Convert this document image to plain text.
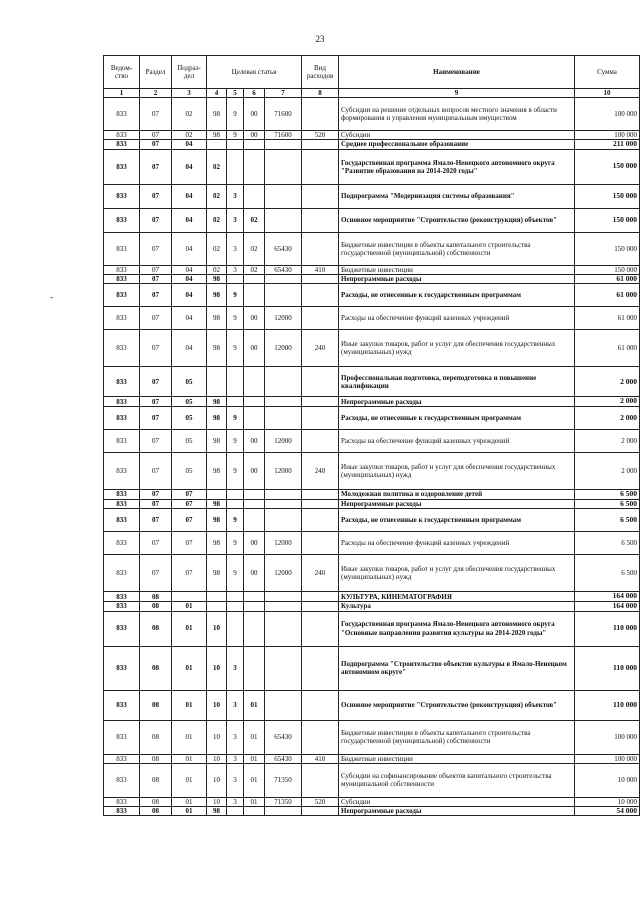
23
-
Ведом-ство	Раздел	Подраз-дел	Целевая статья				Вид расходов	Наименование	Сумма
1	2	3	4	5	6	7	8	9	10
833	07	02	98	9	00	71600		Субсидии на решение отдельных вопросов местного значения в области формирования и управления муниципальным имуществом	100 000
833	07	02	98	9	00	71600	520	Субсидии	100 000
833	07	04						Среднее профессиональное образование	211 000
833	07	04	02					Государственная программа Ямало-Ненецкого автономного округа "Развитие образования на 2014-2020 годы"	150 000
833	07	04	02	3				Подпрограмма "Модернизация системы образования"	150 000
833	07	04	02	3	02			Основное мероприятие "Строительство (реконструкция) объектов"	150 000
833	07	04	02	3	02	65430		Бюджетные инвестиции в объекты капитального строительства государственной (муниципальной) собственности	150 000
833	07	04	02	3	02	65430	410	Бюджетные инвестиции	150 000
833	07	04	98					Непрограммные расходы	61 000
833	07	04	98	9				Расходы, не отнесенные к государственным программам	61 000
833	07	04	98	9	00	12000		Расходы на обеспечение функций казенных учреждений	61 000
833	07	04	98	9	00	12000	240	Иные закупки товаров, работ и услуг для обеспечения государственных (муниципальных) нужд	61 000
833	07	05						Профессиональная подготовка, переподготовка и повышение квалификации	2 000
833	07	05	98					Непрограммные расходы	2 000
833	07	05	98	9				Расходы, не отнесенные к государственным программам	2 000
833	07	05	98	9	00	12000		Расходы на обеспечение функций казенных учреждений	2 000
833	07	05	98	9	00	12000	240	Иные закупки товаров, работ и услуг для обеспечения государственных (муниципальных) нужд	2 000
833	07	07						Молодежная политика и оздоровление детей	6 500
833	07	07	98					Непрограммные расходы	6 500
833	07	07	98	9				Расходы, не отнесенные к государственным программам	6 500
833	07	07	98	9	00	12000		Расходы на обеспечение функций казенных учреждений	6 500
833	07	07	98	9	00	12000	240	Иные закупки товаров, работ и услуг для обеспечения государственных (муниципальных) нужд	6 500
833	08							КУЛЬТУРА, КИНЕМАТОГРАФИЯ	164 000
833	08	01						Культура	164 000
833	08	01	10					Государственная программа Ямало-Ненецкого автономного округа "Основные направления развития культуры на 2014-2020 годы"	110 000
833	08	01	10	3				Подпрограмма "Строительство объектов культуры в Ямало-Ненецком автономном округе"	110 000
833	08	01	10	3	01			Основное мероприятие "Строительство (реконструкция) объектов"	110 000
833	08	01	10	3	01	65430		Бюджетные инвестиции в объекты капитального строительства государственной (муниципальной) собственности	100 000
833	08	01	10	3	01	65430	410	Бюджетные инвестиции	100 000
833	08	01	10	3	01	71350		Субсидии на софинансирование объектов капитального строительства муниципальной собственности	10 000
833	08	01	10	3	01	71350	520	Субсидии	10 000
833	08	01	98					Непрограммные расходы	54 000
